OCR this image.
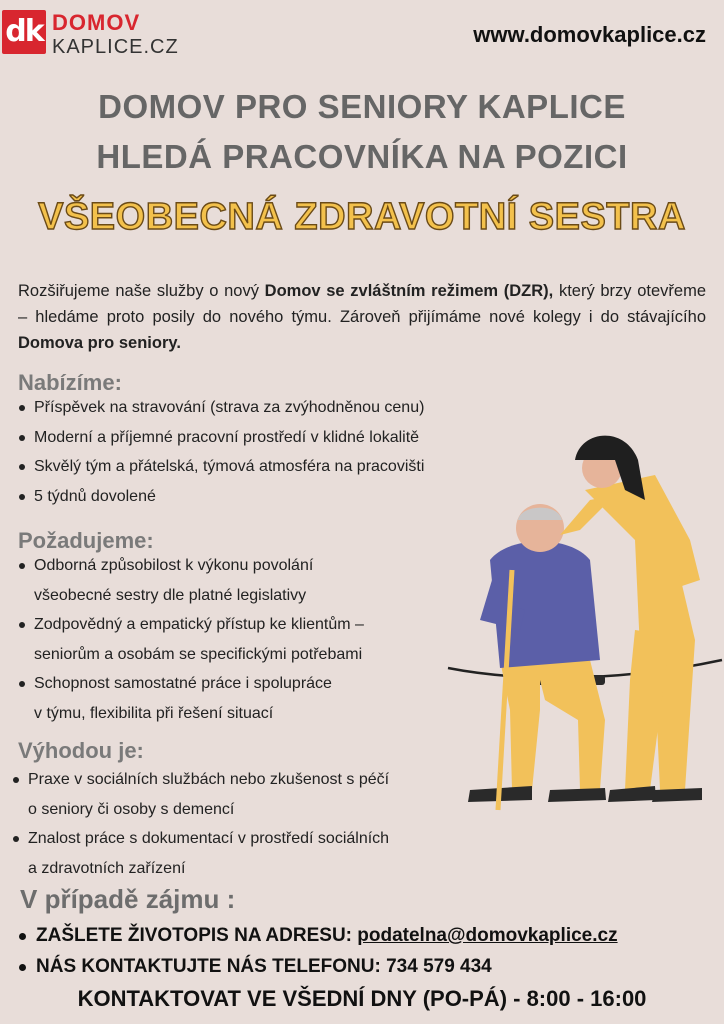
dk DOMOV
KAPLICE.CZ	www.domovkaplice.cz
DOMOV PRO SENIORY KAPLICE
HLEDÁ PRACOVNÍKA NA POZICI
VŠEOBECNÁ ZDRAVOTNÍ SESTRA
Rozšiřujeme naše služby o nový Domov se zvláštním režimem (DZR), který brzy otevřeme – hledáme proto posily do nového týmu. Zároveň přijímáme nové kolegy i do stávajícího Domova pro seniory.
Nabízíme:
Příspěvek na stravování (strava za zvýhodněnou cenu)
Moderní a příjemné pracovní prostředí v klidné lokalitě
Skvělý tým a přátelská, týmová atmosféra na pracovišti
5 týdnů dovolené
Požadujeme:
Odborná způsobilost k výkonu povolání
všeobecné sestry dle platné legislativy
Zodpovědný a empatický přístup ke klientům –
seniorům a osobám se specifickými potřebami
Schopnost samostatné práce i spolupráce
v týmu, flexibilita při řešení situací
Výhodou je:
Praxe v sociálních službách nebo zkušenost s péčí
o seniory či osoby s demencí
Znalost práce s dokumentací v prostředí sociálních
a zdravotních zařízení
V případě zájmu :
ZAŠLETE ŽIVOTOPIS NA ADRESU: podatelna@domovkaplice.cz
NÁS KONTAKTUJTE NÁS TELEFONU: 734 579 434
KONTAKTOVAT VE VŠEDNÍ DNY (PO-PÁ) - 8:00 - 16:00
